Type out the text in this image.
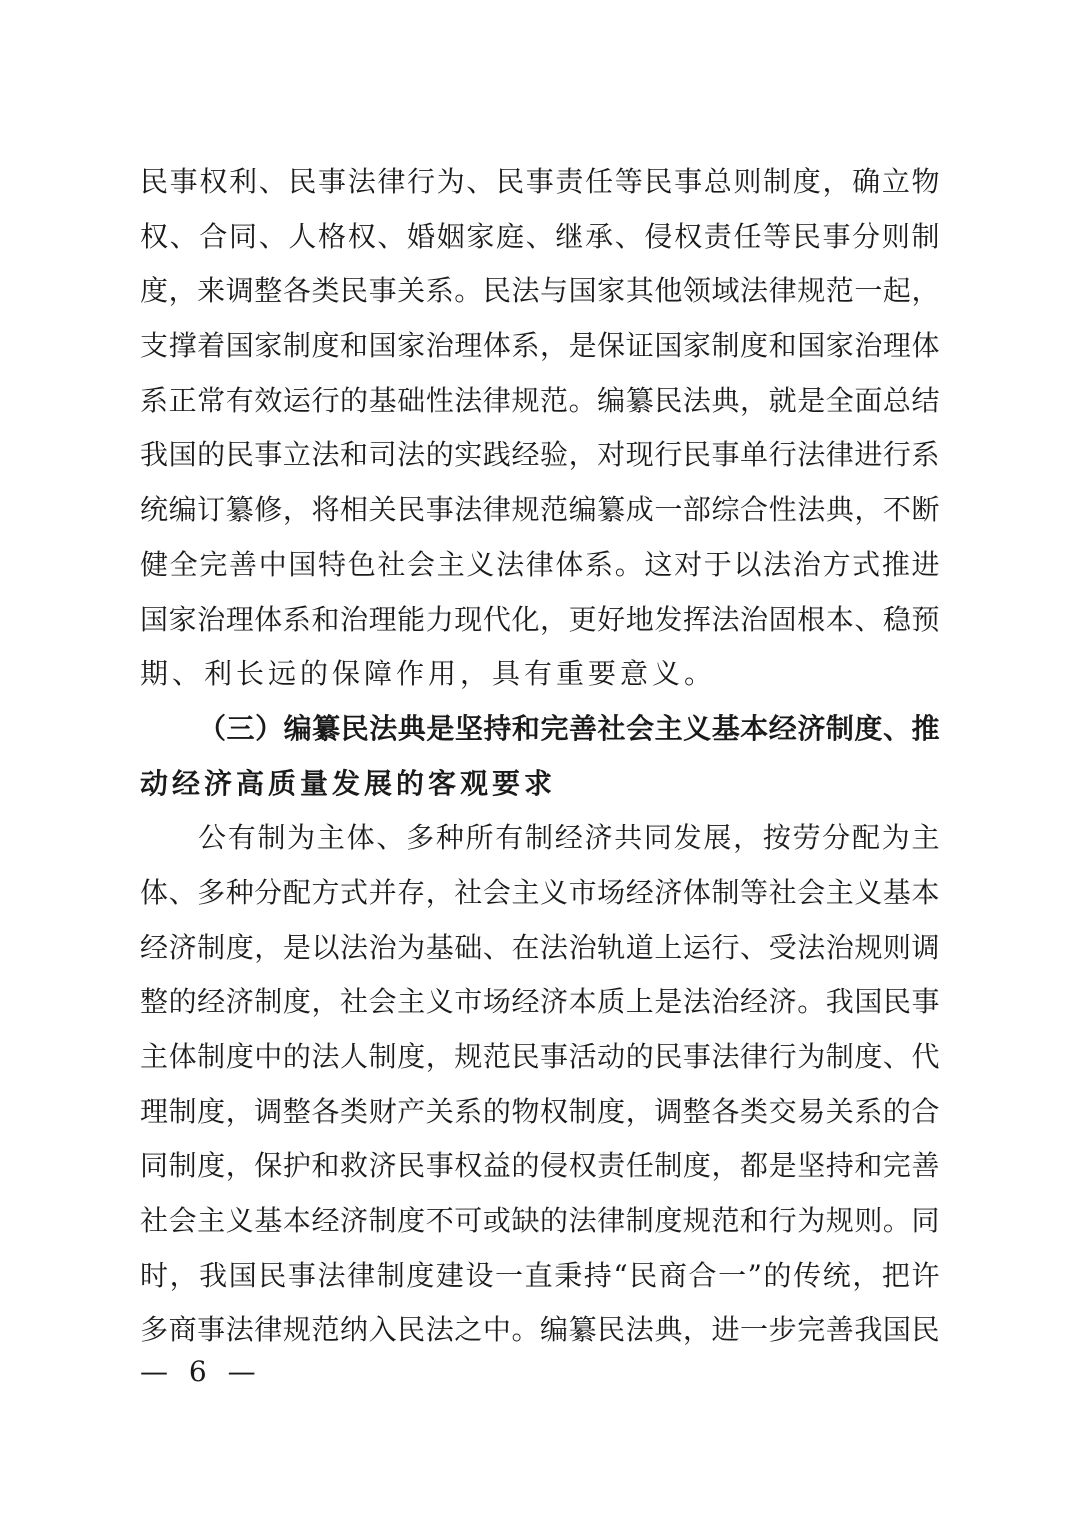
民事权利、民事法律行为、民事责任等民事总则制度，确立物
权、合同、人格权、婚姻家庭、继承、侵权责任等民事分则制
度，来调整各类民事关系。民法与国家其他领域法律规范一起，
支撑着国家制度和国家治理体系，是保证国家制度和国家治理体
系正常有效运行的基础性法律规范。编纂民法典，就是全面总结
我国的民事立法和司法的实践经验，对现行民事单行法律进行系
统编订纂修，将相关民事法律规范编纂成一部综合性法典，不断
健全完善中国特色社会主义法律体系。这对于以法治方式推进
国家治理体系和治理能力现代化，更好地发挥法治固根本、稳预
期、利长远的保障作用，具有重要意义。
（三）编纂民法典是坚持和完善社会主义基本经济制度、推
动经济高质量发展的客观要求
公有制为主体、多种所有制经济共同发展，按劳分配为主
体、多种分配方式并存，社会主义市场经济体制等社会主义基本
经济制度，是以法治为基础、在法治轨道上运行、受法治规则调
整的经济制度，社会主义市场经济本质上是法治经济。我国民事
主体制度中的法人制度，规范民事活动的民事法律行为制度、代
理制度，调整各类财产关系的物权制度，调整各类交易关系的合
同制度，保护和救济民事权益的侵权责任制度，都是坚持和完善
社会主义基本经济制度不可或缺的法律制度规范和行为规则。同
时，我国民事法律制度建设一直秉持“民商合一”的传统，把许
多商事法律规范纳入民法之中。编纂民法典，进一步完善我国民
— 6 —
